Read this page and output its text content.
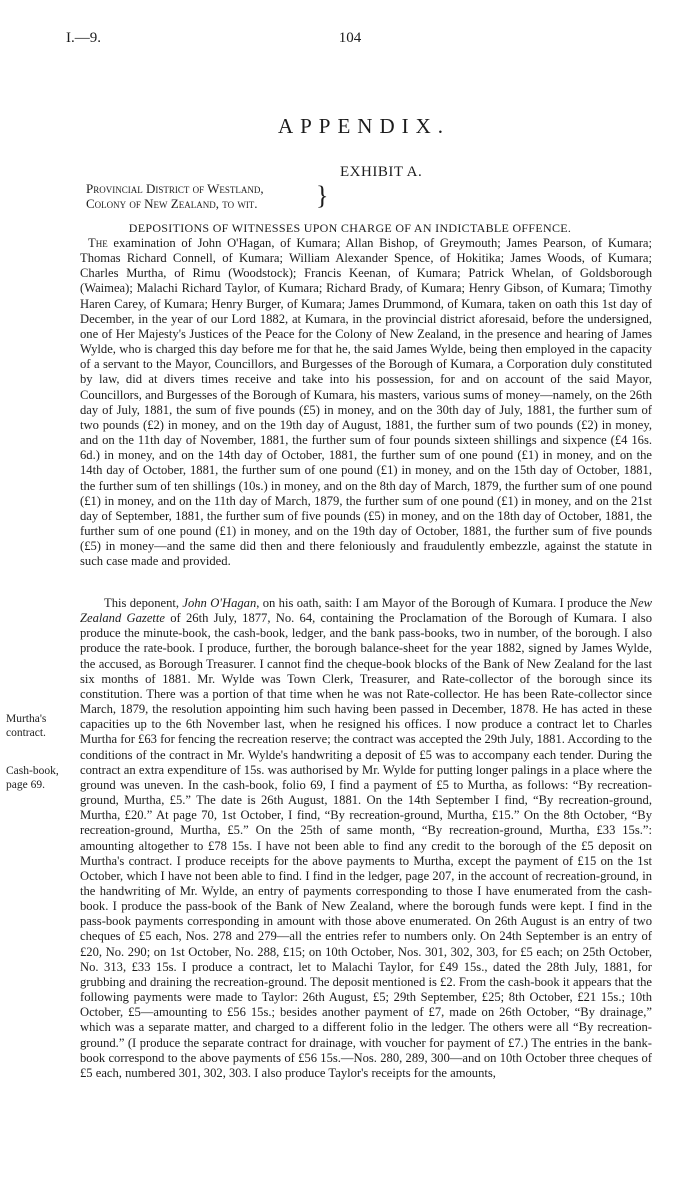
I.—9.	104
APPENDIX.
EXHIBIT A.
Provincial District of Westland,
Colony of New Zealand, to wit. }
DEPOSITIONS OF WITNESSES UPON CHARGE OF AN INDICTABLE OFFENCE.

The examination of John O'Hagan, of Kumara; Allan Bishop, of Greymouth; James Pearson, of Kumara; Thomas Richard Connell, of Kumara; William Alexander Spence, of Hokitika; James Woods, of Kumara; Charles Murtha, of Rimu (Woodstock); Francis Keenan, of Kumara; Patrick Whelan, of Goldsborough (Waimea); Malachi Richard Taylor, of Kumara; Richard Brady, of Kumara; Henry Gibson, of Kumara; Timothy Haren Carey, of Kumara; Henry Burger, of Kumara; James Drummond, of Kumara, taken on oath this 1st day of December, in the year of our Lord 1882, at Kumara, in the provincial district aforesaid, before the undersigned, one of Her Majesty's Justices of the Peace for the Colony of New Zealand, in the presence and hearing of James Wylde, who is charged this day before me for that he, the said James Wylde, being then employed in the capacity of a servant to the Mayor, Councillors, and Burgesses of the Borough of Kumara, a Corporation duly constituted by law, did at divers times receive and take into his possession, for and on account of the said Mayor, Councillors, and Burgesses of the Borough of Kumara, his masters, various sums of money—namely, on the 26th day of July, 1881, the sum of five pounds (£5) in money, and on the 30th day of July, 1881, the further sum of two pounds (£2) in money, and on the 19th day of August, 1881, the further sum of two pounds (£2) in money, and on the 11th day of November, 1881, the further sum of four pounds sixteen shillings and sixpence (£4 16s. 6d.) in money, and on the 14th day of October, 1881, the further sum of one pound (£1) in money, and on the 14th day of October, 1881, the further sum of one pound (£1) in money, and on the 15th day of October, 1881, the further sum of ten shillings (10s.) in money, and on the 8th day of March, 1879, the further sum of one pound (£1) in money, and on the 11th day of March, 1879, the further sum of one pound (£1) in money, and on the 21st day of September, 1881, the further sum of five pounds (£5) in money, and on the 18th day of October, 1881, the further sum of one pound (£1) in money, and on the 19th day of October, 1881, the further sum of five pounds (£5) in money—and the same did then and there feloniously and fraudulently embezzle, against the statute in such case made and provided.

This deponent, John O'Hagan, on his oath, saith: I am Mayor of the Borough of Kumara. I produce the New Zealand Gazette of 26th July, 1877, No. 64, containing the Proclamation of the Borough of Kumara. I also produce the minute-book, the cash-book, ledger, and the bank pass-books, two in number, of the borough. I also produce the rate-book. I produce, further, the borough balance-sheet for the year 1882, signed by James Wylde, the accused, as Borough Treasurer. I cannot find the cheque-book blocks of the Bank of New Zealand for the last six months of 1881. Mr. Wylde was Town Clerk, Treasurer, and Rate-collector of the borough since its constitution. There was a portion of that time when he was not Rate-collector. He has been Rate-collector since March, 1879, the resolution appointing him such having been passed in December, 1878. He has acted in these capacities up to the 6th November last, when he resigned his offices. I now produce a contract let to Charles Murtha for £63 for fencing the recreation reserve; the contract was accepted the 29th July, 1881. According to the conditions of the contract in Mr. Wylde's handwriting a deposit of £5 was to accompany each tender. During the contract an extra expenditure of 15s. was authorised by Mr. Wylde for putting longer palings in a place where the ground was uneven. In the cash-book, folio 69, I find a payment of £5 to Murtha, as follows: “By recreation-ground, Murtha, £5.” The date is 26th August, 1881. On the 14th September I find, “By recreation-ground, Murtha, £20.” At page 70, 1st October, I find, “By recreation-ground, Murtha, £15.” On the 8th October, “By recreation-ground, Murtha, £5.” On the 25th of same month, “By recreation-ground, Murtha, £33 15s.”: amounting altogether to £78 15s. I have not been able to find any credit to the borough of the £5 deposit on Murtha's contract. I produce receipts for the above payments to Murtha, except the payment of £15 on the 1st October, which I have not been able to find. I find in the ledger, page 207, in the account of recreation-ground, in the handwriting of Mr. Wylde, an entry of payments corresponding to those I have enumerated from the cash-book. I produce the pass-book of the Bank of New Zealand, where the borough funds were kept. I find in the pass-book payments corresponding in amount with those above enumerated. On 26th August is an entry of two cheques of £5 each, Nos. 278 and 279—all the entries refer to numbers only. On 24th September is an entry of £20, No. 290; on 1st October, No. 288, £15; on 10th October, Nos. 301, 302, 303, for £5 each; on 25th October, No. 313, £33 15s. I produce a contract, let to Malachi Taylor, for £49 15s., dated the 28th July, 1881, for grubbing and draining the recreation-ground. The deposit mentioned is £2. From the cash-book it appears that the following payments were made to Taylor: 26th August, £5; 29th September, £25; 8th October, £21 15s.; 10th October, £5—amounting to £56 15s.; besides another payment of £7, made on 26th October, “By drainage,” which was a separate matter, and charged to a different folio in the ledger. The others were all “By recreation-ground.” (I produce the separate contract for drainage, with voucher for payment of £7.) The entries in the bank-book correspond to the above payments of £56 15s.—Nos. 280, 289, 300—and on 10th October three cheques of £5 each, numbered 301, 302, 303. I also produce Taylor's receipts for the amounts,

Murtha's
contract.
Cash-book,
page 69.
